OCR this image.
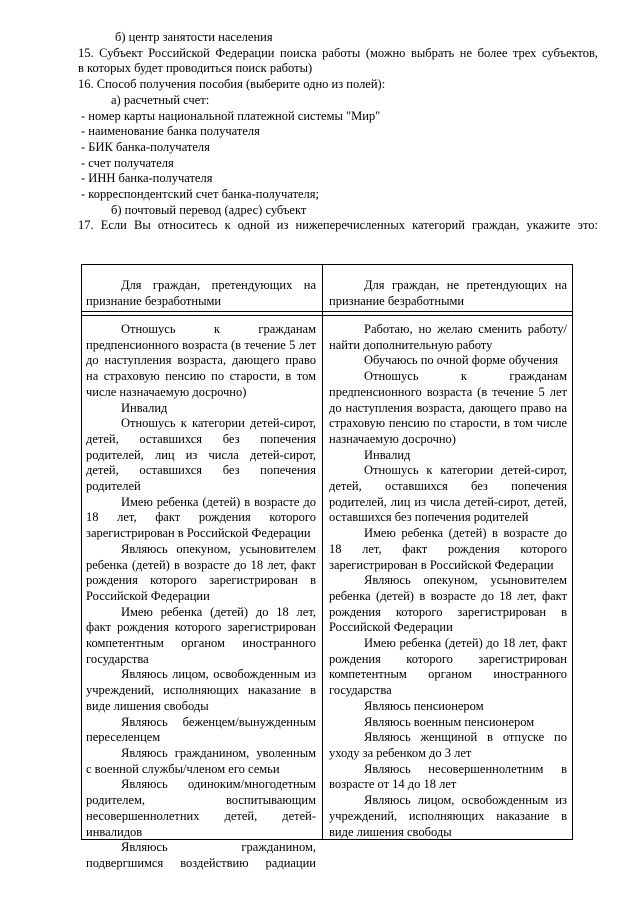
б) центр занятости населения
15. Субъект Российской Федерации поиска работы (можно выбрать не более трех субъектов,
в которых будет проводиться поиск работы)
16. Способ получения пособия (выберите одно из полей):
а) расчетный счет:
- номер карты национальной платежной системы "Мир"
- наименование банка получателя
- БИК банка-получателя
- счет получателя
- ИНН банка-получателя
- корреспондентский счет банка-получателя;
б) почтовый перевод (адрес) субъект
17. Если Вы относитесь к одной из нижеперечисленных категорий граждан, укажите это:

Для граждан, претендующих на признание безработными

Для граждан, не претендующих на признание безработными

Отношусь к гражданам предпенсионного возраста (в течение 5 лет до наступления возраста, дающего право на страховую пенсию по старости, в том числе назначаемую досрочно)

Инвалид

Отношусь к категории детей-сирот, детей, оставшихся без попечения родителей, лиц из числа детей-сирот, детей, оставшихся без попечения родителей

Имею ребенка (детей) в возрасте до 18 лет, факт рождения которого зарегистрирован в Российской Федерации

Являюсь опекуном, усыновителем ребенка (детей) в возрасте до 18 лет, факт рождения которого зарегистрирован в Российской Федерации

Имею ребенка (детей) до 18 лет, факт рождения которого зарегистрирован компетентным органом иностранного государства

Являюсь лицом, освобожденным из учреждений, исполняющих наказание в виде лишения свободы

Являюсь беженцем/вынужденным переселенцем

Являюсь гражданином, уволенным с военной службы/членом его семьи

Являюсь одиноким/многодетным родителем, воспитывающим несовершеннолетних детей, детей-инвалидов

Являюсь гражданином, подвергшимся воздействию радиации

Работаю, но желаю сменить работу/найти дополнительную работу

Обучаюсь по очной форме обучения

Отношусь к гражданам предпенсионного возраста (в течение 5 лет до наступления возраста, дающего право на страховую пенсию по старости, в том числе назначаемую досрочно)

Инвалид

Отношусь к категории детей-сирот, детей, оставшихся без попечения родителей, лиц из числа детей-сирот, детей, оставшихся без попечения родителей

Имею ребенка (детей) в возрасте до 18 лет, факт рождения которого зарегистрирован в Российской Федерации

Являюсь опекуном, усыновителем ребенка (детей) в возрасте до 18 лет, факт рождения которого зарегистрирован в Российской Федерации

Имею ребенка (детей) до 18 лет, факт рождения которого зарегистрирован компетентным органом иностранного государства

Являюсь пенсионером

Являюсь военным пенсионером

Являюсь женщиной в отпуске по уходу за ребенком до 3 лет

Являюсь несовершеннолетним в возрасте от 14 до 18 лет

Являюсь лицом, освобожденным из учреждений, исполняющих наказание в виде лишения свободы
